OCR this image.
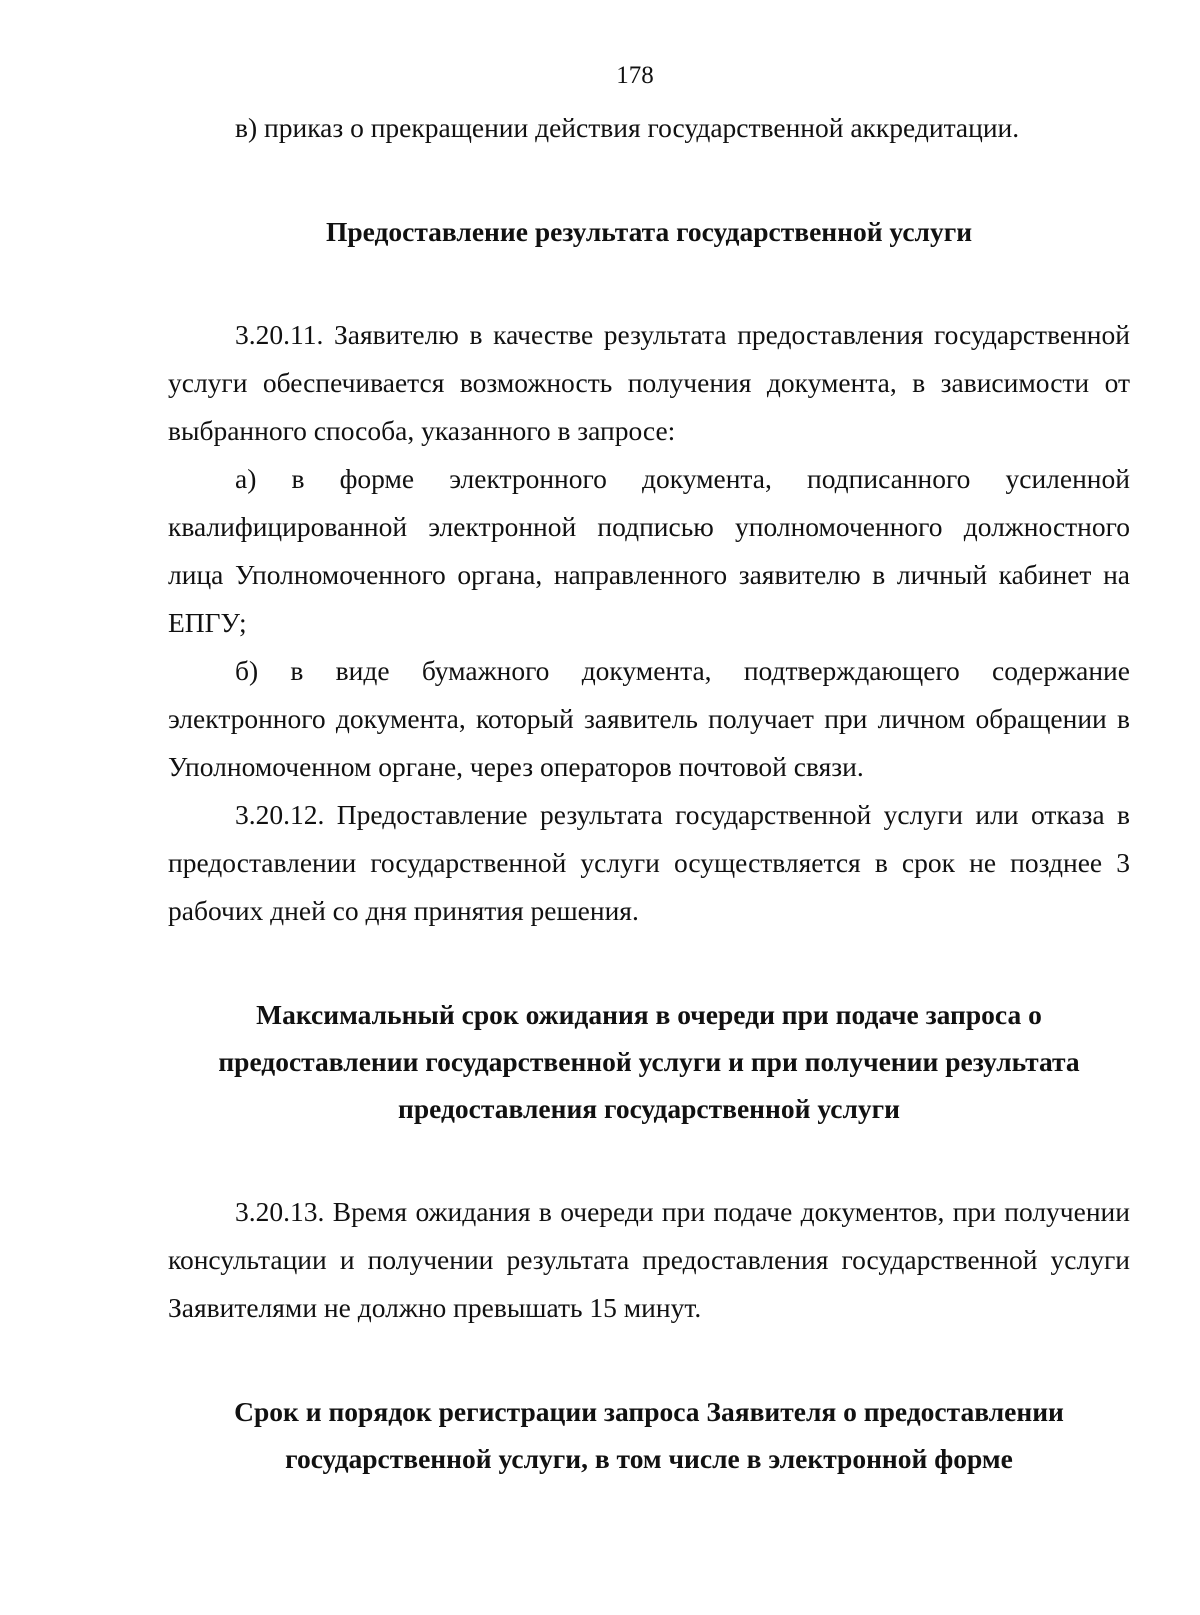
178

в) приказ о прекращении действия государственной аккредитации.

Предоставление результата государственной услуги

3.20.11. Заявителю в качестве результата предоставления государственной услуги обеспечивается возможность получения документа, в зависимости от выбранного способа, указанного в запросе:

а) в форме электронного документа, подписанного усиленной квалифицированной электронной подписью уполномоченного должностного лица Уполномоченного органа, направленного заявителю в личный кабинет на ЕПГУ;

б) в виде бумажного документа, подтверждающего содержание электронного документа, который заявитель получает при личном обращении в Уполномоченном органе, через операторов почтовой связи.

3.20.12. Предоставление результата государственной услуги или отказа в предоставлении государственной услуги осуществляется в срок не позднее 3 рабочих дней со дня принятия решения.

Максимальный срок ожидания в очереди при подаче запроса о предоставлении государственной услуги и при получении результата предоставления государственной услуги

3.20.13. Время ожидания в очереди при подаче документов, при получении консультации и получении результата предоставления государственной услуги Заявителями не должно превышать 15 минут.

Срок и порядок регистрации запроса Заявителя о предоставлении государственной услуги, в том числе в электронной форме
